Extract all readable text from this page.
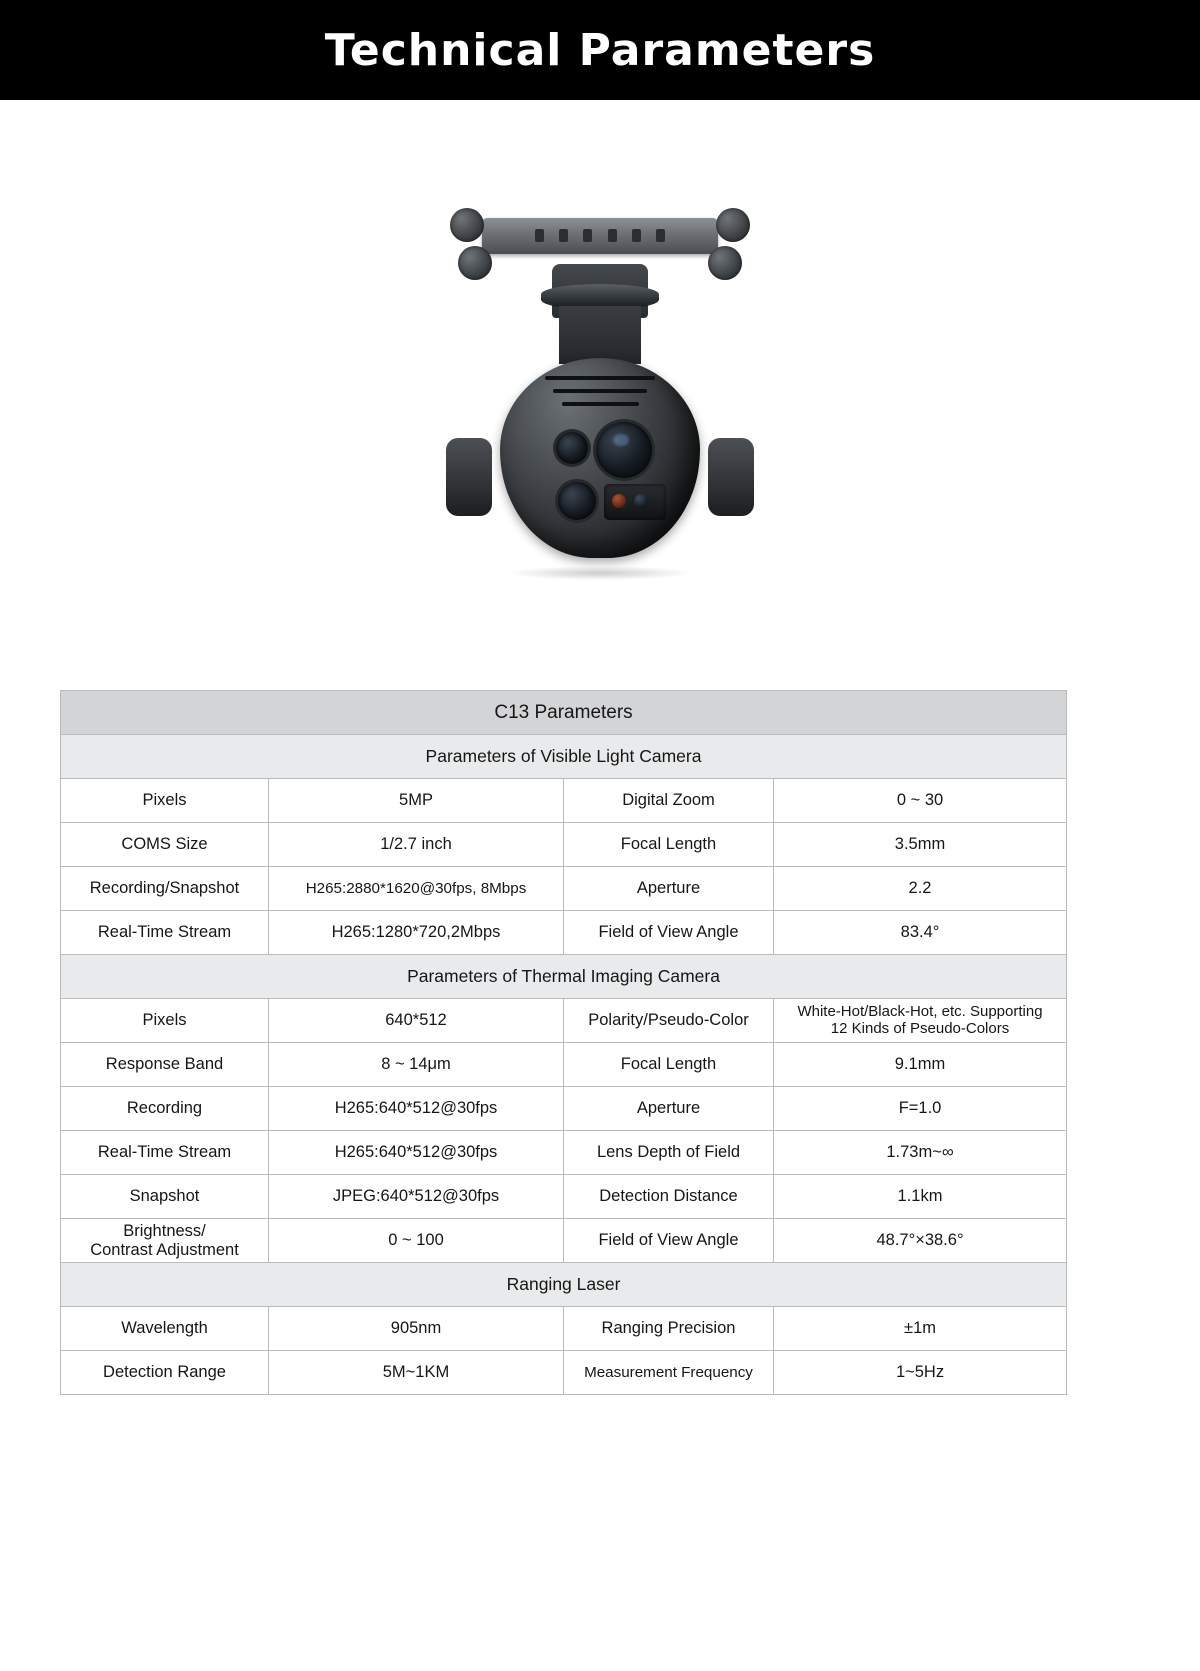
Technical Parameters
C13 Parameters			
Parameters of Visible Light Camera			
Pixels	5MP	Digital Zoom	0 ~ 30
COMS Size	1/2.7 inch	Focal Length	3.5mm
Recording/Snapshot	H265:2880*1620@30fps, 8Mbps	Aperture	2.2
Real-Time Stream	H265:1280*720,2Mbps	Field of View Angle	83.4°
Parameters of Thermal Imaging Camera			
Pixels	640*512	Polarity/Pseudo-Color	White-Hot/Black-Hot, etc. Supporting
12 Kinds of Pseudo-Colors

Response Band	8 ~ 14μm	Focal Length	9.1mm
Recording	H265:640*512@30fps	Aperture	F=1.0
Real-Time Stream	H265:640*512@30fps	Lens Depth of Field	1.73m~∞
Snapshot	JPEG:640*512@30fps	Detection Distance	1.1km

Brightness/
Contrast Adjustment	0 ~ 100	Field of View Angle	48.7°×38.6°
Ranging Laser			
Wavelength	905nm	Ranging Precision	±1m
Detection Range	5M~1KM	Measurement Frequency	1~5Hz
